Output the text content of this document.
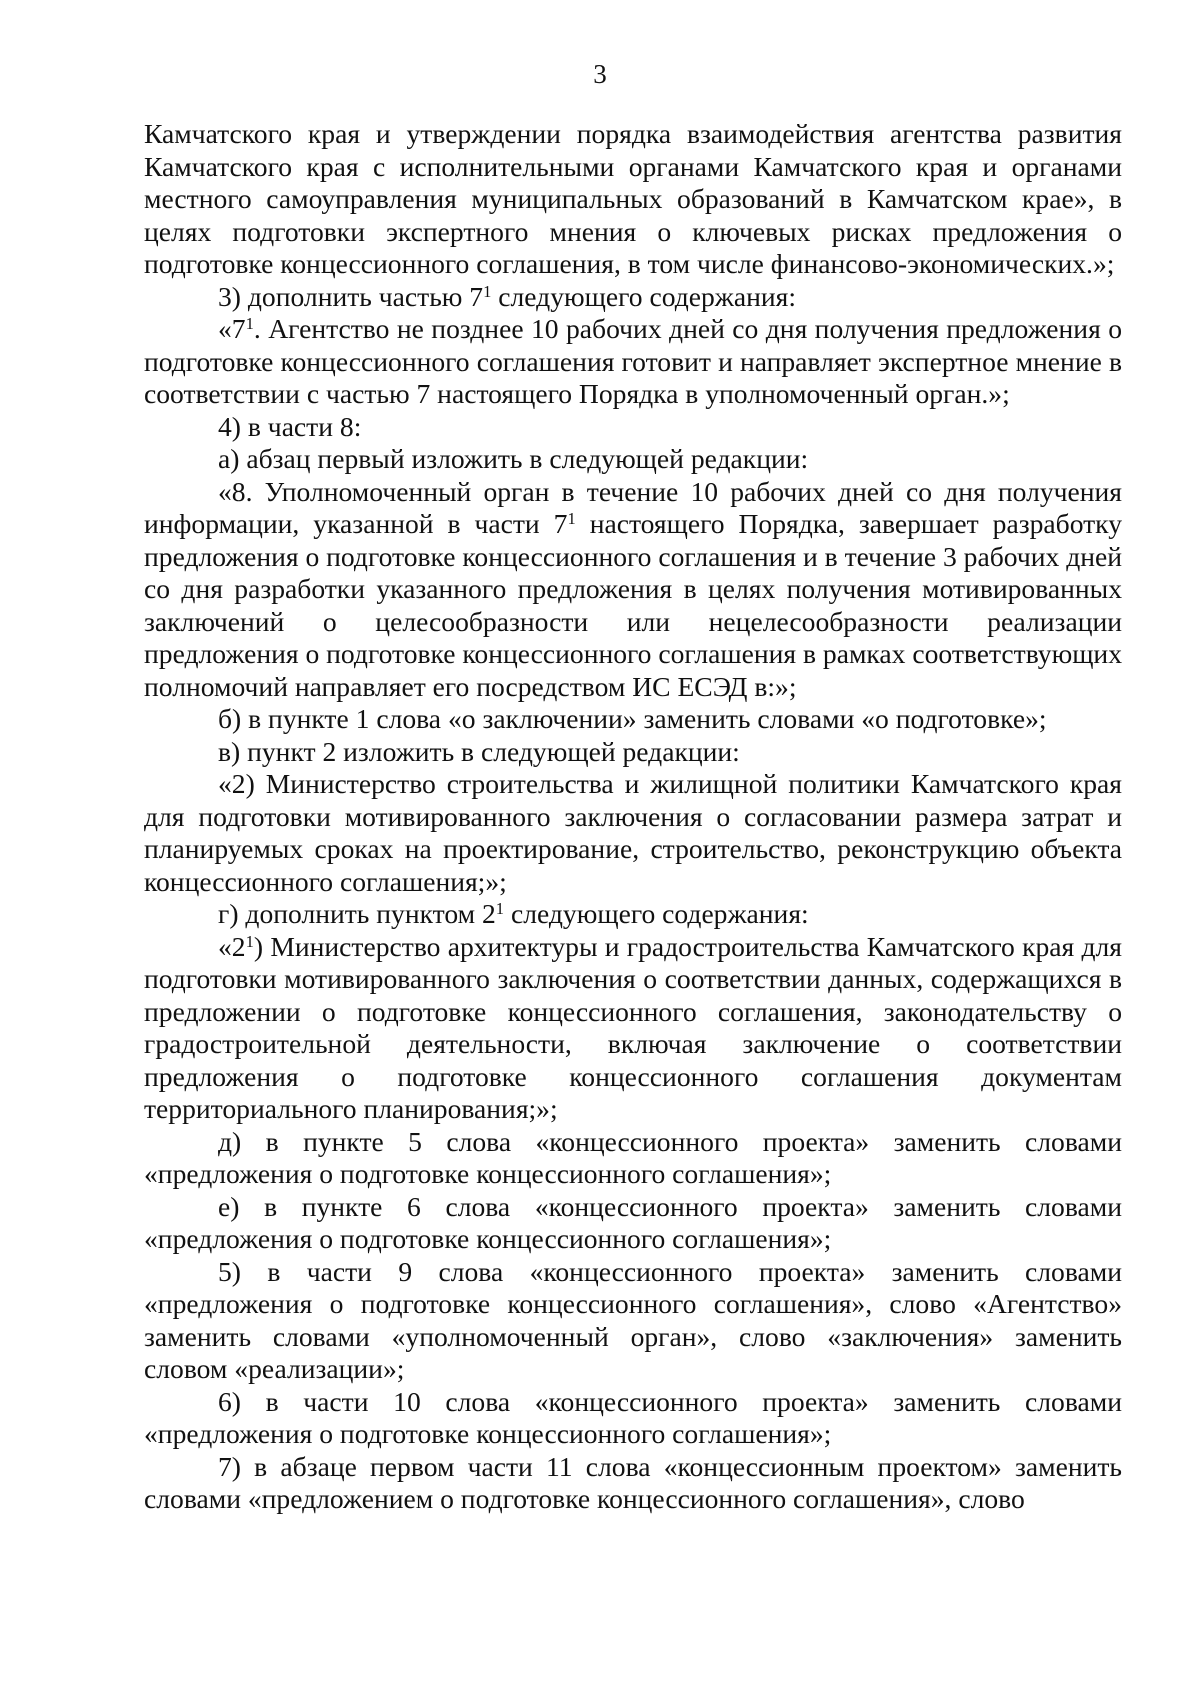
3

Камчатского края и утверждении порядка взаимодействия агентства развития Камчатского края с исполнительными органами Камчатского края и органами местного самоуправления муниципальных образований в Камчатском крае», в целях подготовки экспертного мнения о ключевых рисках предложения о подготовке концессионного соглашения, в том числе финансово-экономических.»;

3) дополнить частью $7^1$ следующего содержания:

«$7^1$. Агентство не позднее 10 рабочих дней со дня получения предложения о подготовке концессионного соглашения готовит и направляет экспертное мнение в соответствии с частью 7 настоящего Порядка в уполномоченный орган.»;

4) в части 8:

а) абзац первый изложить в следующей редакции:

«8. Уполномоченный орган в течение 10 рабочих дней со дня получения информации, указанной в части $7^1$ настоящего Порядка, завершает разработку предложения о подготовке концессионного соглашения и в течение 3 рабочих дней со дня разработки указанного предложения в целях получения мотивированных заключений о целесообразности или нецелесообразности реализации предложения о подготовке концессионного соглашения в рамках соответствующих полномочий направляет его посредством ИС ЕСЭД в:»;

б) в пункте 1 слова «о заключении» заменить словами «о подготовке»;

в) пункт 2 изложить в следующей редакции:

«2) Министерство строительства и жилищной политики Камчатского края для подготовки мотивированного заключения о согласовании размера затрат и планируемых сроках на проектирование, строительство, реконструкцию объекта концессионного соглашения;»;

г) дополнить пунктом $2^1$ следующего содержания:

«$2^1$) Министерство архитектуры и градостроительства Камчатского края для подготовки мотивированного заключения о соответствии данных, содержащихся в предложении о подготовке концессионного соглашения, законодательству о градостроительной деятельности, включая заключение о соответствии предложения о подготовке концессионного соглашения документам территориального планирования;»;

д) в пункте 5 слова «концессионного проекта» заменить словами «предложения о подготовке концессионного соглашения»;

е) в пункте 6 слова «концессионного проекта» заменить словами «предложения о подготовке концессионного соглашения»;

5) в части 9 слова «концессионного проекта» заменить словами «предложения о подготовке концессионного соглашения», слово «Агентство» заменить словами «уполномоченный орган», слово «заключения» заменить словом «реализации»;

6) в части 10 слова «концессионного проекта» заменить словами «предложения о подготовке концессионного соглашения»;

7) в абзаце первом части 11 слова «концессионным проектом» заменить словами «предложением о подготовке концессионного соглашения», слово
